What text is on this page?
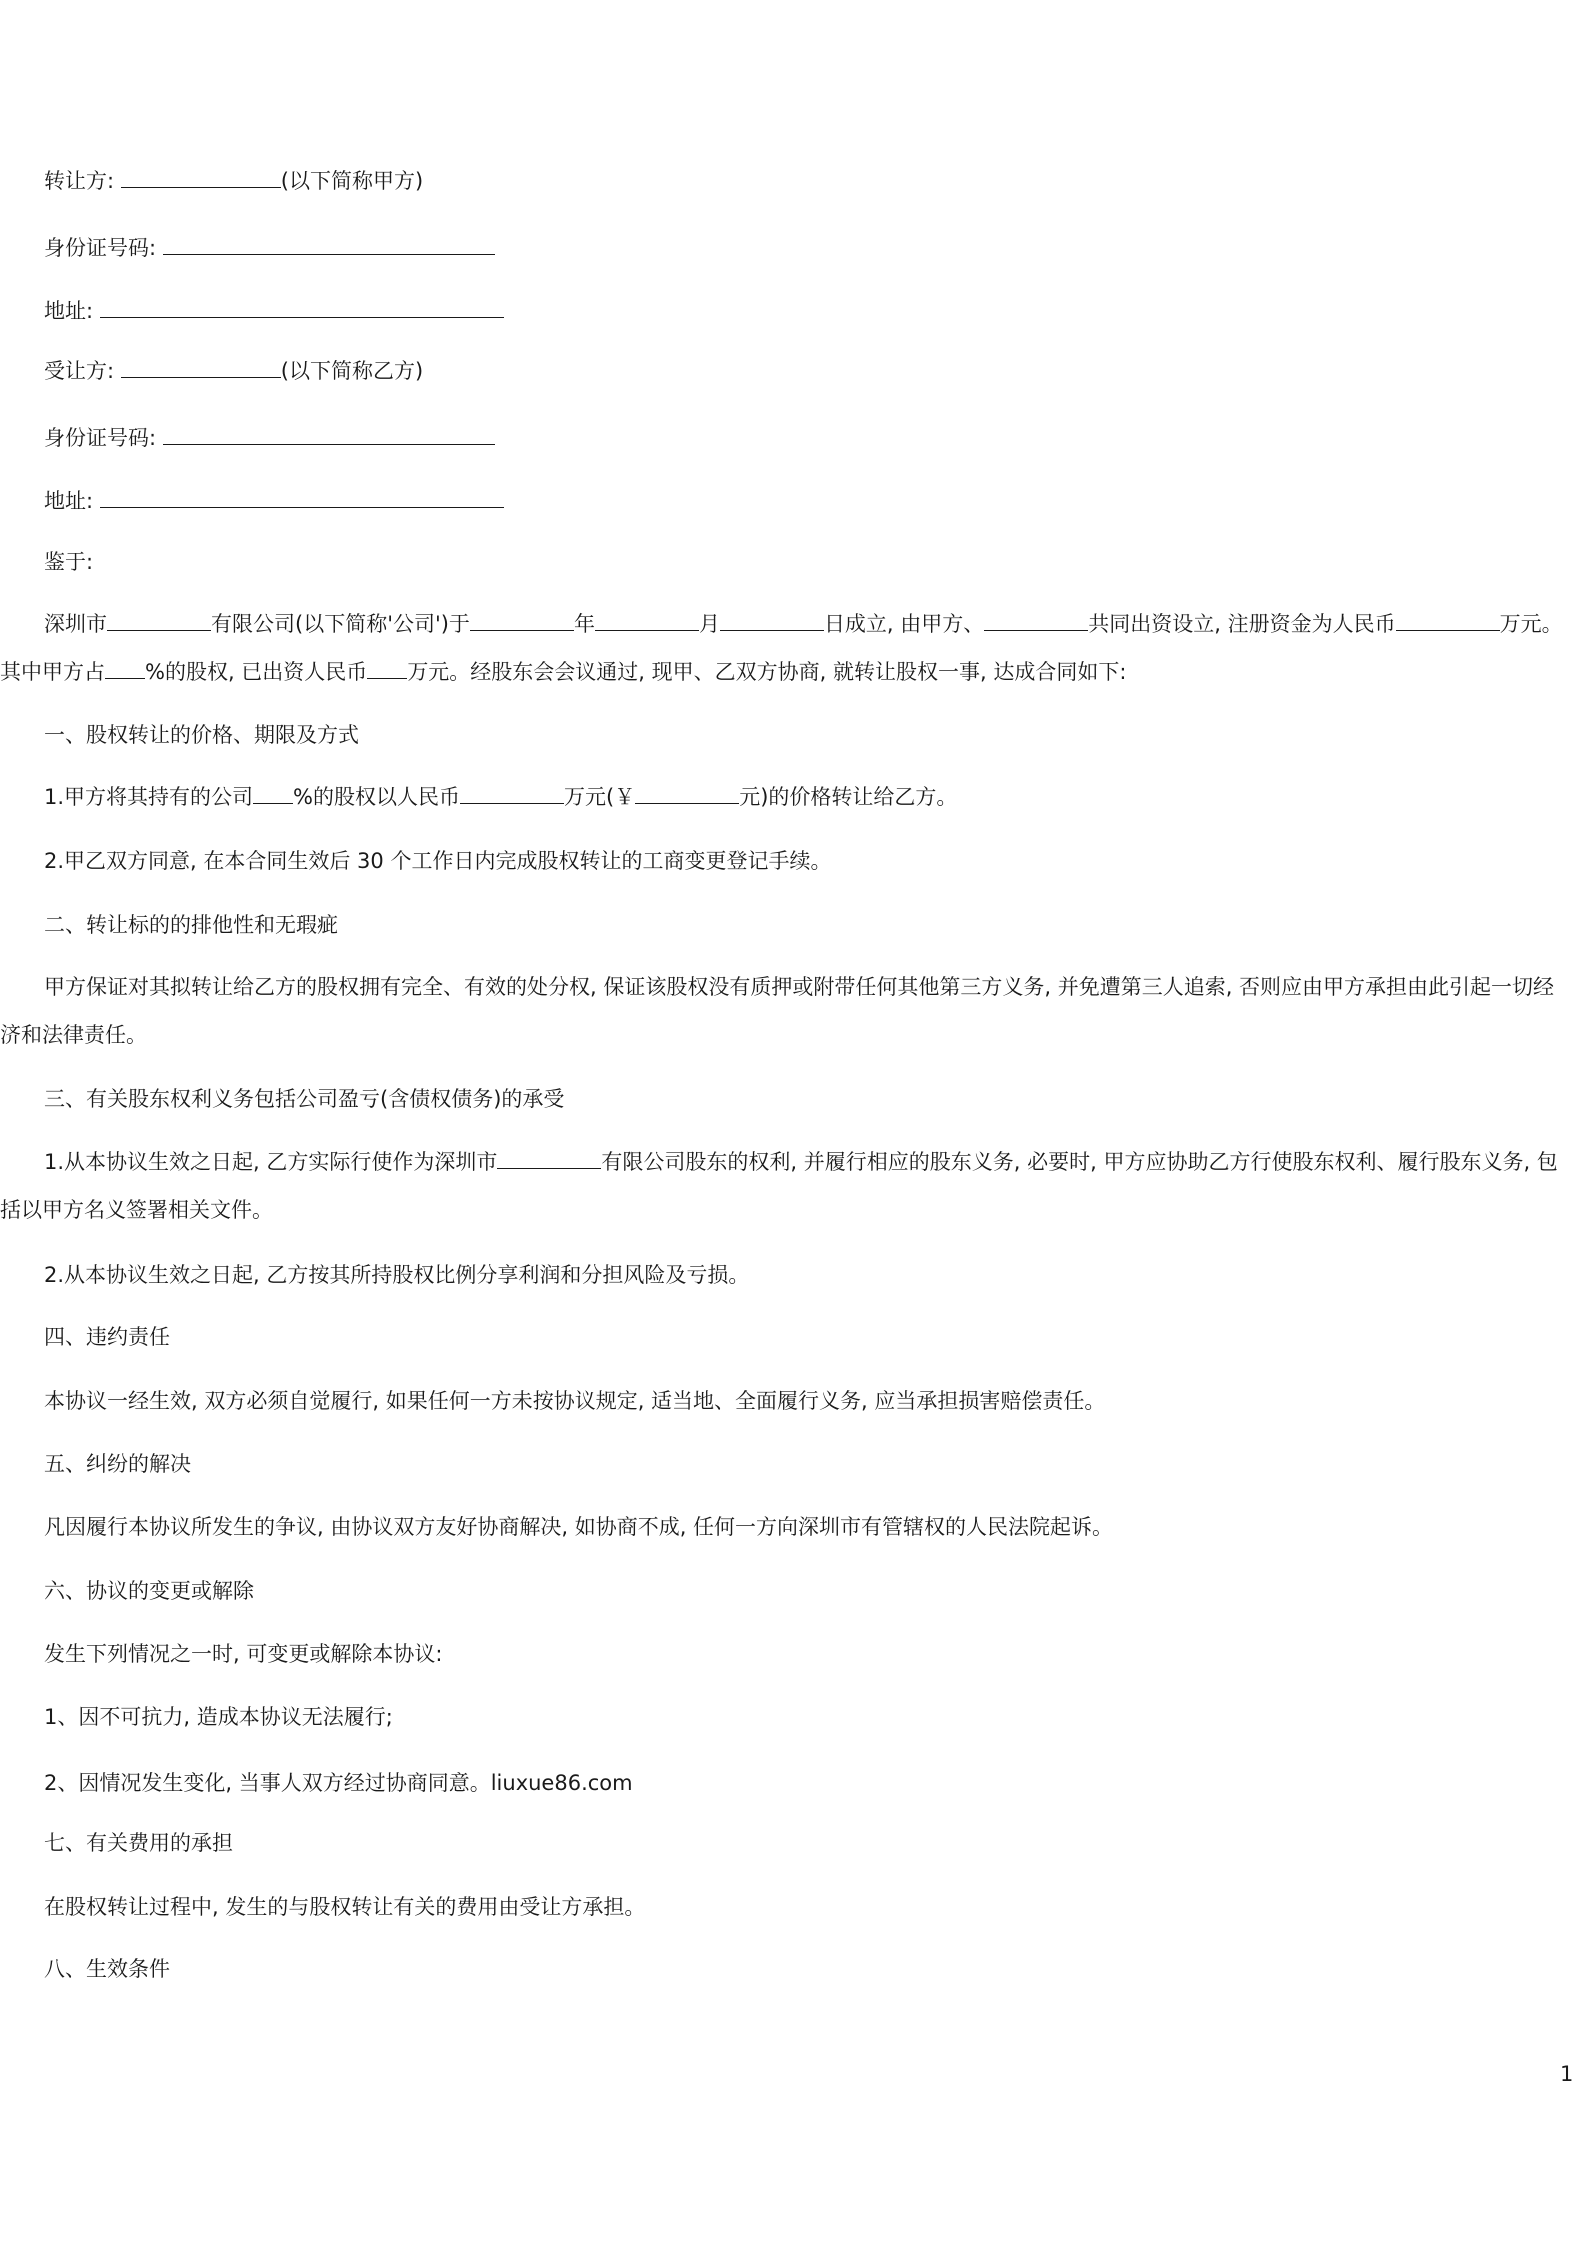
转让方:	(以下简称甲方)
身份证号码:
地址:
受让方:	(以下简称乙方)
身份证号码:
地址:
鉴于:
深圳市	有限公司(以下简称'公司')于	年	月	日成立, 由甲方、	共同出资设立, 注册资金为人民币	万元。其中甲方占 %的股权, 已出资人民币 万元。经股东会会议通过, 现甲、乙双方协商, 就转让股权一事, 达成合同如下:
一、股权转让的价格、期限及方式
1.甲方将其持有的公司 %的股权以人民币	万元(￥	元)的价格转让给乙方。
2.甲乙双方同意, 在本合同生效后 30 个工作日内完成股权转让的工商变更登记手续。
二、转让标的的排他性和无瑕疵
甲方保证对其拟转让给乙方的股权拥有完全、有效的处分权, 保证该股权没有质押或附带任何其他第三方义务, 并免遭第三人追索, 否则应由甲方承担由此引起一切经济和法律责任。
三、有关股东权利义务包括公司盈亏(含债权债务)的承受
1.从本协议生效之日起, 乙方实际行使作为深圳市	有限公司股东的权利, 并履行相应的股东义务, 必要时, 甲方应协助乙方行使股东权利、履行股东义务, 包括以甲方名义签署相关文件。
2.从本协议生效之日起, 乙方按其所持股权比例分享利润和分担风险及亏损。
四、违约责任
本协议一经生效, 双方必须自觉履行, 如果任何一方未按协议规定, 适当地、全面履行义务, 应当承担损害赔偿责任。
五、纠纷的解决
凡因履行本协议所发生的争议, 由协议双方友好协商解决, 如协商不成, 任何一方向深圳市有管辖权的人民法院起诉。
六、协议的变更或解除
发生下列情况之一时, 可变更或解除本协议:
1、因不可抗力, 造成本协议无法履行;
2、因情况发生变化, 当事人双方经过协商同意。liuxue86.com
七、有关费用的承担
在股权转让过程中, 发生的与股权转让有关的费用由受让方承担。
八、生效条件
1
